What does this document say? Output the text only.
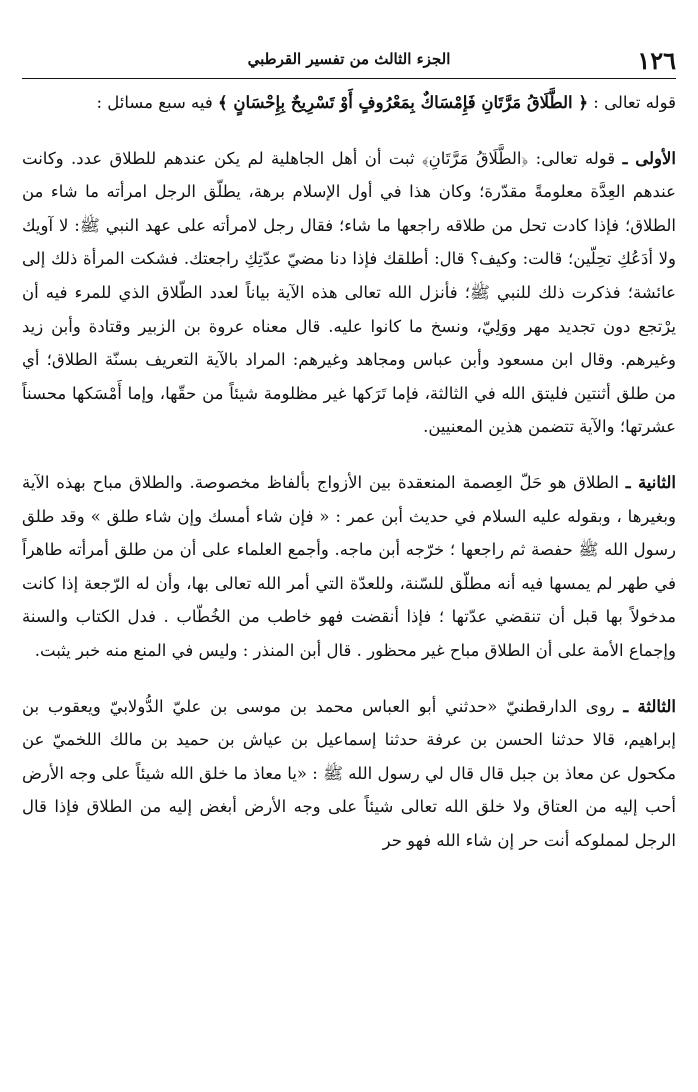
١٢٦
الجزء الثالث من تفسير القرطبي

قوله تعالى : ﴿ الطَّلَاقُ مَرَّتَانِ فَإِمْسَاكٌ بِمَعْرُوفٍ أَوْ تَسْرِيحٌ بِإِحْسَانٍ ﴾ فيه سبع مسائل :

الأولى ـ قوله تعالى: ﴿الطَّلَاقُ مَرَّتَانِ﴾ ثبت أن أهل الجاهلية لم يكن عندهم للطلاق عدد. وكانت عندهم العِدَّة معلومةً مقدّرة؛ وكان هذا في أول الإسلام برهة، يطلّق الرجل امرأته ما شاء من الطلاق؛ فإذا كادت تحل من طلاقه راجعها ما شاء؛ فقال رجل لامرأته على عهد النبي ﷺ: لا آويك ولا أدَعُكِ تحِلّين؛ قالت: وكيف؟ قال: أطلقك فإذا دنا مضيّ عدّتِكِ راجعتك. فشكت المرأة ذلك إلى عائشة؛ فذكرت ذلك للنبي ﷺ؛ فأنزل الله تعالى هذه الآية بياناً لعدد الطّلاق الذي للمرء فيه أن يرْتجع دون تجديد مهر ووَلِيّ، ونسخ ما كانوا عليه. قال معناه عروة بن الزبير وقتادة وأبن زيد وغيرهم. وقال ابن مسعود وأبن عباس ومجاهد وغيرهم: المراد بالآية التعريف بسنّة الطلاق؛ أي من طلق أثنتين فليتق الله في الثالثة، فإما تَرَكها غير مظلومة شيئاً من حقّها، وإما أَمْسَكها محسناً عشرتها؛ والآية تتضمن هذين المعنيين.

الثانية ـ الطلاق هو حَلّ العِصمة المنعقدة بين الأزواج بألفاظ مخصوصة. والطلاق مباح بهذه الآية وبغيرها ، وبقوله عليه السلام في حديث أبن عمر : « فإن شاء أمسك وإن شاء طلق » وقد طلق رسول الله ﷺ حفصة ثم راجعها ؛ خرّجه أبن ماجه. وأجمع العلماء على أن من طلق أمرأته طاهراً في طهر لم يمسها فيه أنه مطلّق للسّنة، وللعدّة التي أمر الله تعالى بها، وأن له الرّجعة إذا كانت مدخولاً بها قبل أن تنقضي عدّتها ؛ فإذا أنقضت فهو خاطب من الخُطّاب . فدل الكتاب والسنة وإجماع الأمة على أن الطلاق مباح غير محظور . قال أبن المنذر : وليس في المنع منه خبر يثبت.

الثالثة ـ روى الدارقطنيّ «حدثني أبو العباس محمد بن موسى بن عليّ الدُّولابيّ ويعقوب بن إبراهيم، قالا حدثنا الحسن بن عرفة حدثنا إسماعيل بن عياش بن حميد بن مالك اللخميّ عن مكحول عن معاذ بن جبل قال قال لي رسول الله ﷺ : «يا معاذ ما خلق الله شيئاً على وجه الأرض أحب إليه من العتاق ولا خلق الله تعالى شيئاً على وجه الأرض أبغض إليه من الطلاق فإذا قال الرجل لمملوكه أنت حر إن شاء الله فهو حر
